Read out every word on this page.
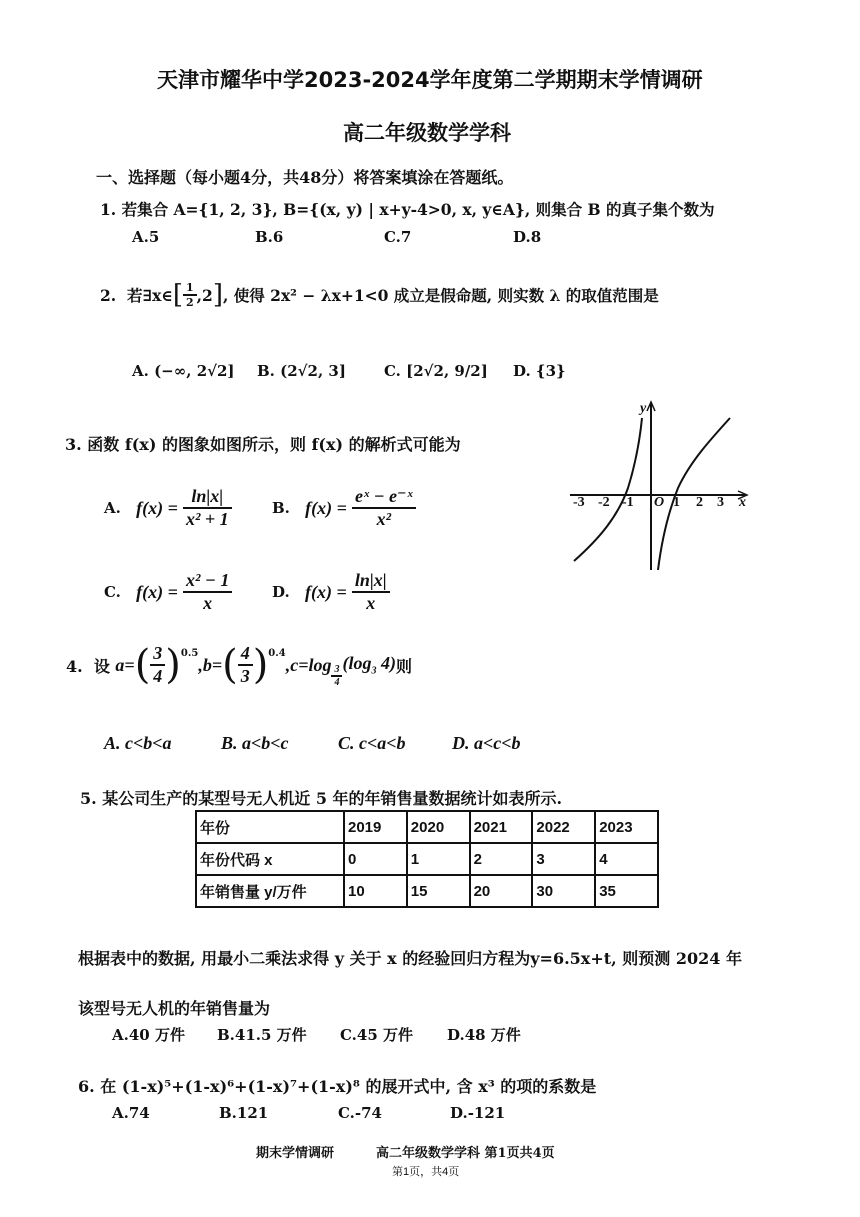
天津市耀华中学2023-2024学年度第二学期期末学情调研
高二年级数学学科
一、选择题（每小题4分，共48分）将答案填涂在答题纸。
1. 若集合 A={1, 2, 3}, B={(x, y) | x+y-4>0, x, y∈A}, 则集合 B 的真子集个数为
A.5	B.6	C.7	D.8
2.
若∃x∈ [ $\frac{1}{2} ,2$ ] , 使得 2x² − λx+1<0 成立是假命题, 则实数 λ 的取值范围是
A. (−∞, 2√2] B. (2√2, 3]	C. [2√2, 9/2] D. {3}
3. 函数 f(x) 的图象如图所示，则 f(x) 的解析式可能为
A.
f(x) =
$\frac{\ln|x|}{\text{x² + 1}}$	B.
f(x) =
$\frac{\text{eˣ − e⁻ˣ}}{\text{x²}}$
C.
f(x) =
$\frac{\text{x² − 1}}{x}$	D.
f(x) =
$\frac{\ln|x|}{x}$
-3 -2 -1 O 1 2 3 x
y
4.  设 a= ( $\frac{3}{4} )^{0.5}$
,b= ( $\frac{4}{3} )^{0.4}$
$,c=\log \frac{3}{4}$
($\log_3$ 4) 则
A. c<b<a	B. a<b<c	C. c<a<b	D. a<c<b
5. 某公司生产的某型号无人机近 5 年的年销售量数据统计如表所示.
年份	2019	2020	2021	2022	2023
年份代码 x	0	1	2	3	4
年销售量 y/万件	10	15	20	30	35
根据表中的数据, 用最小二乘法求得 y 关于 x 的经验回归方程为y=6.5x+t, 则预测 2024 年
该型号无人机的年销售量为
A.40 万件 B.41.5 万件 C.45 万件 D.48 万件
6. 在 (1-x)⁵+(1-x)⁶+(1-x)⁷+(1-x)⁸ 的展开式中, 含 x³ 的项的系数是
A.74	B.121	C.-74	D.-121
期末学情调研	高二年级数学学科 第1页共4页
第1页，共4页
